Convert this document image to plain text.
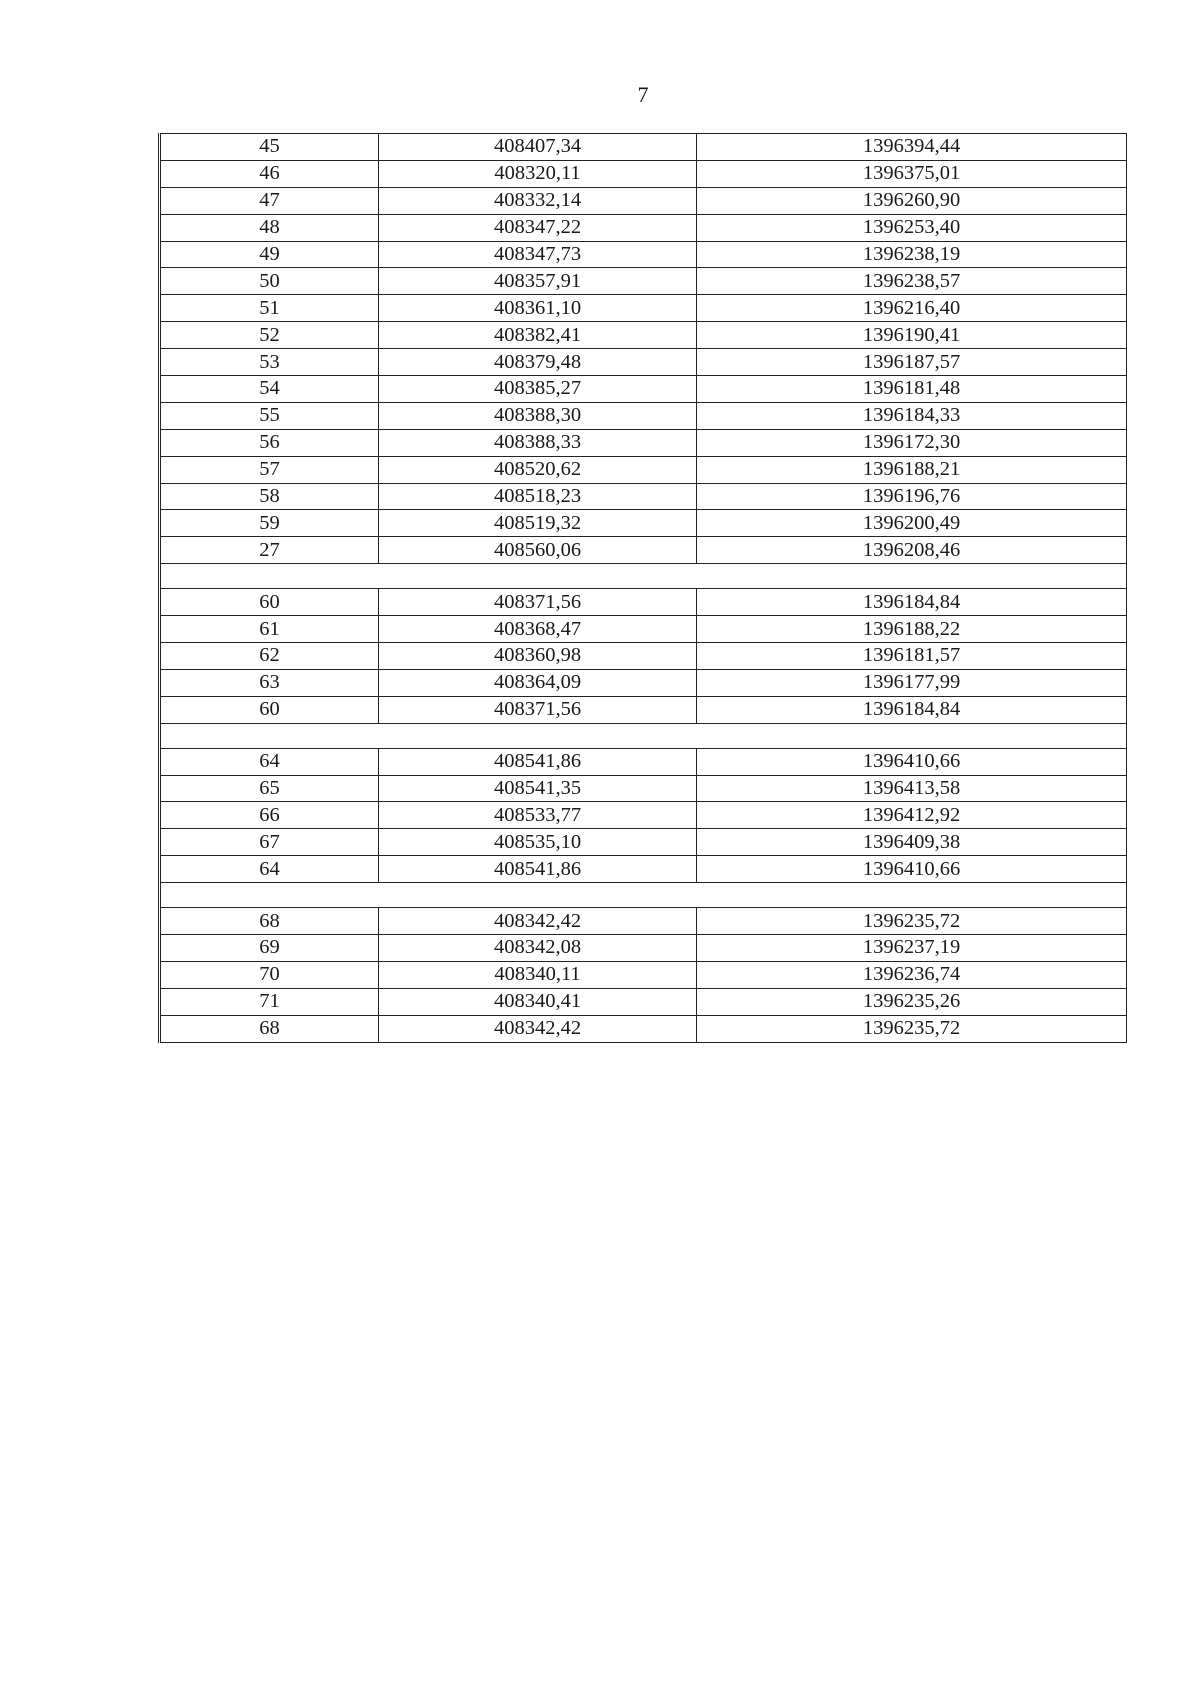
7
45	408407,34	1396394,44
46	408320,11	1396375,01
47	408332,14	1396260,90
48	408347,22	1396253,40
49	408347,73	1396238,19
50	408357,91	1396238,57
51	408361,10	1396216,40
52	408382,41	1396190,41
53	408379,48	1396187,57
54	408385,27	1396181,48
55	408388,30	1396184,33
56	408388,33	1396172,30
57	408520,62	1396188,21
58	408518,23	1396196,76
59	408519,32	1396200,49
27	408560,06	1396208,46

60	408371,56	1396184,84
61	408368,47	1396188,22
62	408360,98	1396181,57
63	408364,09	1396177,99
60	408371,56	1396184,84

64	408541,86	1396410,66
65	408541,35	1396413,58
66	408533,77	1396412,92
67	408535,10	1396409,38
64	408541,86	1396410,66

68	408342,42	1396235,72
69	408342,08	1396237,19
70	408340,11	1396236,74
71	408340,41	1396235,26
68	408342,42	1396235,72
